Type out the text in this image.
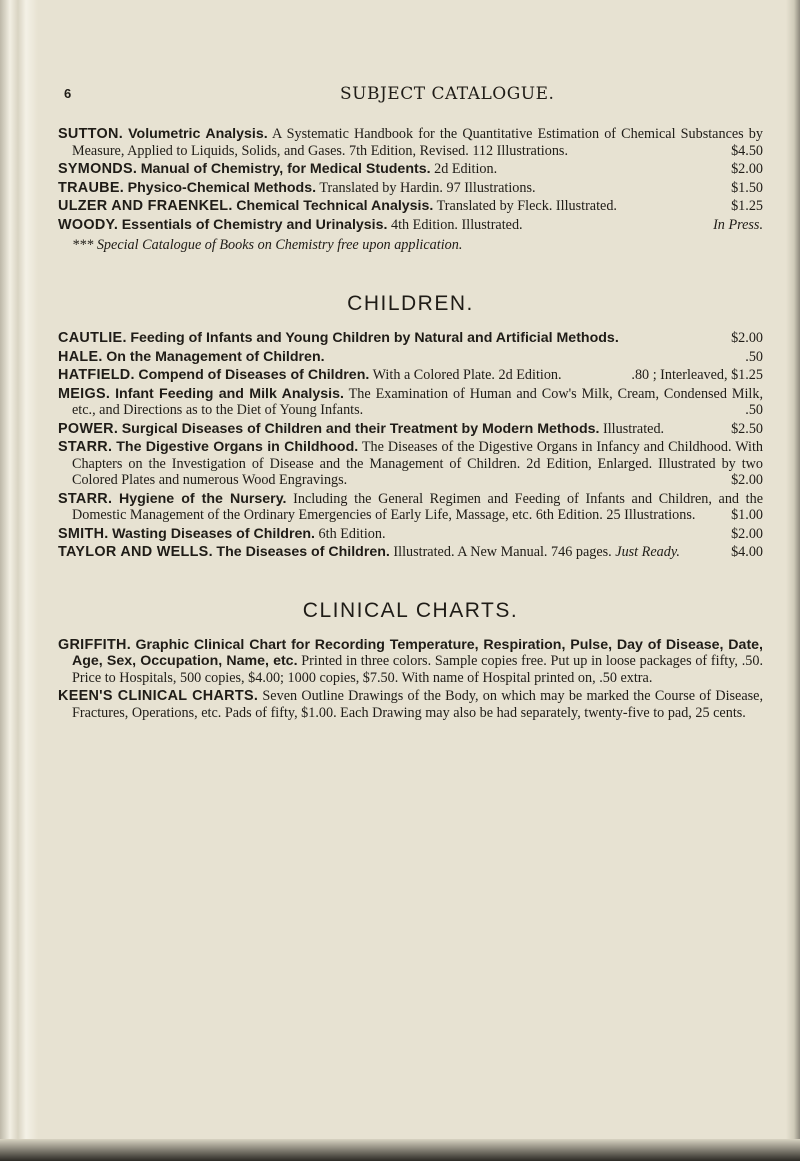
6	SUBJECT CATALOGUE.

SUTTON. Volumetric Analysis. A Systematic Handbook for the Quantitative Estimation of Chemical Substances by Measure, Applied to Liquids, Solids, and Gases. 7th Edition, Revised. 112 Illustrations.	$4.50

SYMONDS. Manual of Chemistry, for Medical Students. 2d Edition.	$2.00

TRAUBE. Physico-Chemical Methods. Translated by Hardin. 97 Illustrations.	$1.50

ULZER AND FRAENKEL. Chemical Technical Analysis. Translated by Fleck. Illustrated.	$1.25

WOODY. Essentials of Chemistry and Urinalysis. 4th Edition. Illustrated.	In Press.

*** Special Catalogue of Books on Chemistry free upon application.

CHILDREN.

CAUTLIE. Feeding of Infants and Young Children by Natural and Artificial Methods.	$2.00

HALE. On the Management of Children.	.50

HATFIELD. Compend of Diseases of Children. With a Colored Plate. 2d Edition.	.80 ; Interleaved, $1.25

MEIGS. Infant Feeding and Milk Analysis. The Examination of Human and Cow's Milk, Cream, Condensed Milk, etc., and Directions as to the Diet of Young Infants.	.50

POWER. Surgical Diseases of Children and their Treatment by Modern Methods. Illustrated.	$2.50

STARR. The Digestive Organs in Childhood. The Diseases of the Digestive Organs in Infancy and Childhood. With Chapters on the Investigation of Disease and the Management of Children. 2d Edition, Enlarged. Illustrated by two Colored Plates and numerous Wood Engravings.	$2.00

STARR. Hygiene of the Nursery. Including the General Regimen and Feeding of Infants and Children, and the Domestic Management of the Ordinary Emergencies of Early Life, Massage, etc. 6th Edition. 25 Illustrations.	$1.00

SMITH. Wasting Diseases of Children. 6th Edition.	$2.00

TAYLOR AND WELLS. The Diseases of Children. Illustrated. A New Manual. 746 pages. Just Ready.	$4.00

CLINICAL CHARTS.

GRIFFITH. Graphic Clinical Chart for Recording Temperature, Respiration, Pulse, Day of Disease, Date, Age, Sex, Occupation, Name, etc. Printed in three colors. Sample copies free. Put up in loose packages of fifty, .50. Price to Hospitals, 500 copies, $4.00; 1000 copies, $7.50. With name of Hospital printed on, .50 extra.

KEEN'S CLINICAL CHARTS. Seven Outline Drawings of the Body, on which may be marked the Course of Disease, Fractures, Operations, etc. Pads of fifty, $1.00. Each Drawing may also be had separately, twenty-five to pad, 25 cents.
